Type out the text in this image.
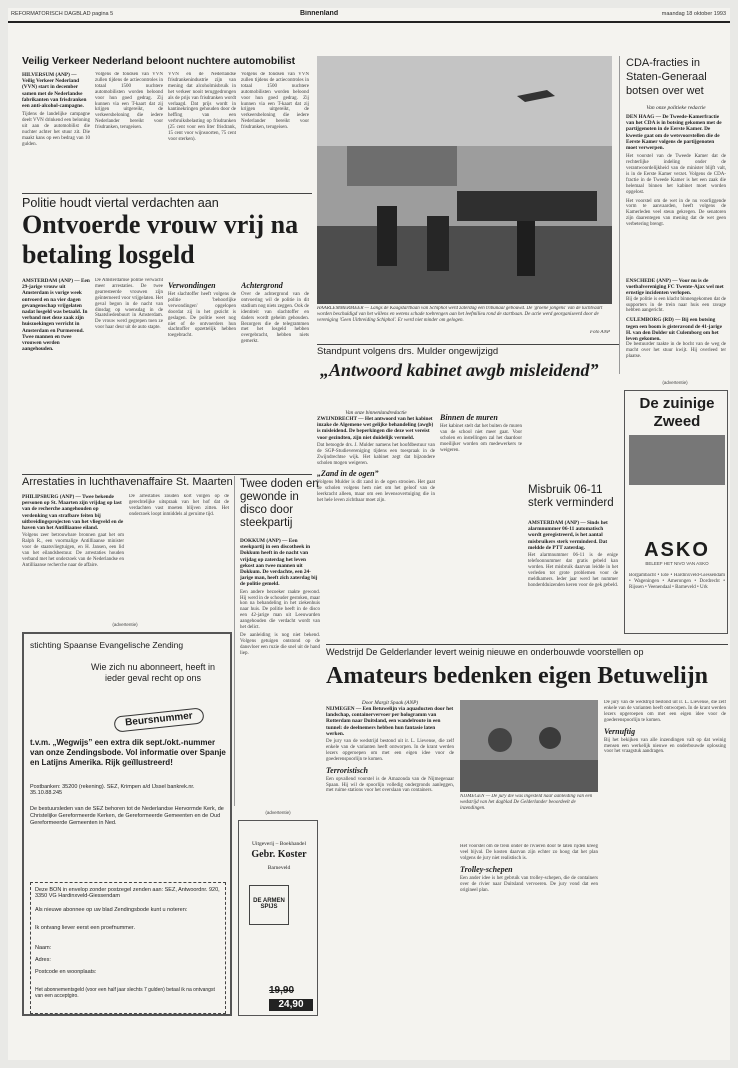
REFORMATORISCH DAGBLAD pagina 5	Binnenland	maandag 18 oktober 1993
Veilig Verkeer Nederland beloont nuchtere automobilist
HILVERSUM (ANP) — Veilig Verkeer Nederland (VVN) start in december samen met de Nederlandse fabrikanten van frisdranken een anti-alcohol-campagne.
Tijdens de landelijke campagne deelt VVN drinkend een beloning uit aan de automobilist die nuchter achter het stuur zit. Die maakt kans op een bedrag van 10 gulden.
Volgens de fondsen van VVN zullen tijdens de actiecontroles in totaal 1500 nuchtere automobilisten worden beloond voor hun goed gedrag. Zij kunnen via een T-kaart dat zij krijgen uitgereikt, de verkeersbeloning die iedere Nederlander bereikt voor frisdranken, terugeisen.
VVN en de Nederlandse frisdrankenindustrie zijn van mening dat alcoholmisbruik in het verkeer nooit teruggedrongen als de prijs van frisdranken wordt verlaagd. Dat prijs wordt in kantinekringen gehouden door de heffing van een verbruiksbelasting op frisdranken (25 cent voor een liter frisdrank, 15 cent voor wijnsoorten, 75 cent voor sterken).
Volgens de fondsen van VVN zullen tijdens de actiecontroles in totaal 1500 nuchtere automobilisten worden beloond voor hun goed gedrag. Zij kunnen via een T-kaart dat zij krijgen uitgereikt, de verkeersbeloning die iedere Nederlander bereikt voor frisdranken, terugeisen.
Politie houdt viertal verdachten aan
Ontvoerde vrouw vrij na betaling losgeld
AMSTERDAM (ANP) — Een 29-jarige vrouw uit Amsterdam is vorige week ontvoerd en na vier dagen gevangenschap vrijgelaten nadat losgeld was betaald. In verband met deze zaak zijn huiszoekingen verricht in Amsterdam en Purmerend. Twee mannen en twee vrouwen werden aangehouden.
De Amsterdamse politie verwacht meer arrestaties. De twee gearresteerde vrouwen zijn geïnterneerd voor vrijgelaten. Het geval begon in de nacht van dinsdag op woensdag in de Staatsliedenbuurt in Amsterdam. De vrouw werd gegrepen toen ze voor haar deur uit de auto stapte.
Verwondingen
Het slachtoffer heeft volgens de politie 'behoorlijke verwondingen' opgelopen doordat zij in het gezicht is geslagen. De politie weet nog niet of de ontvoerders hun slachtoffer opzettelijk hebben toegebracht.
Achtergrond
Over de achtergrond van de ontvoering wil de politie in dit stadium nog niets zeggen. Ook de identiteit van slachtoffer en daders wordt geheim gehouden. Bezorgers die de telegrammen met het losgeld hebben overgebracht, hebben niets gemerkt.
HAARLEMMERMEER — Langs de Kaagstartbaan van Schiphol werd zaterdag een tribunaal gebouwd. De 'groene jongens' van de luchtvaart worden beschuldigd van het willens en wetens schade toebrengen aan het leefmilieu rond de startbaan. De actie werd georganiseerd door de vereniging 'Geen Uitbreiding Schiphol'. Er werd niet minder om gelogen.
Foto ANP
CDA-fracties in Staten-Generaal botsen over wet
Van onze politieke redactie
DEN HAAG — De Tweede-Kamerfractie van het CDA is in botsing gekomen met de partijgenoten in de Eerste Kamer. De kwestie gaat om de wetsvoorstellen die de Eerste Kamer volgens de partijgenoten moet verwerpen.
Het voorstel van de Tweede Kamer dat de rechterlijke indeling onder de verantwoordelijkheid van de minister blijft valt, is in de Eerste Kamer verzet. Volgens de CDA-fractie in de Tweede Kamer is het een zaak die helemaal binnen het kabinet moet worden opgelost.
Het voorstel om de wet in de nu voorliggende vorm te aanvaarden, heeft volgens de Kamerleden veel steun gekregen. De senatoren zijn daarentegen van mening dat de wet geen verbetering brengt.
Standpunt volgens drs. Mulder ongewijzigd
„Antwoord kabinet awgb misleidend”
Van onze binnenlandredactie
ZWIJNDRECHT — Het antwoord van het kabinet inzake de Algemene wet gelijke behandeling (awgb) is misleidend. De beperkingen die deze wet vereist voor gezindten, zijn niet duidelijk vermeld.
Dat betoogde drs. J. Mulder namens het hoofdbestuur van de SGP-Studievereniging tijdens een toespraak in de Zwijndrechtse wijk. Het kabinet zegt dat bijzondere scholen mogen weigeren.
„Zand in de ogen”
Volgens Mulder is dit zand in de ogen strooien. Het gaat de scholen volgens hem niet om het geloof van de leerkracht alleen, maar om een levensovertuiging die in het hele leven zichtbaar moet zijn.
Binnen de muren
Het kabinet stelt dat het buiten de muren van de school niet meer gaat. Voor scholen en instellingen zal het daardoor moeilijker worden om medewerkers te weigeren.
ENSCHEDE (ANP) — Voor nu is de voetbalvereniging FC Twente-Ajax wel met ernstige incidenten verlopen.
Bij de politie is een klacht binnengekomen dat de supporters in de trein naar huis een ravage hebben aangericht.
CULEMBORG (RD) — Bij een botsing tegen een boom is gisteravond de 41-jarige H. van den Dolder uit Culemborg om het leven gekomen.
De bestuurder raakte in de bocht van de weg de macht over het stuur kwijt. Hij overleed ter plaatse.
Misbruik 06-11 sterk verminderd
AMSTERDAM (ANP) — Sinds het alarmnummer 06-11 automatisch wordt geregistreerd, is het aantal misbruikers sterk verminderd. Dat meldde de PTT zaterdag.
Het alarmnummer 06-11 is de enige telefoonnummer dat gratis gebeld kan worden. Het misbruik daarvan leidde in het verleden tot grote problemen voor de meldkamers. Ieder jaar werd het nummer honderdduizenden keren voor de gek gebeld.
(advertentie)
De zuinige Zweed
ASKO
BELEEF HET NIVO VAN ASKO
Borgambacht • Ede • Hardinxveld-Giessendam • Wageningen • Amerongen • Dordrecht • Rijssen • Veenendaal • Barneveld • Urk
Arrestaties in luchthavenaffaire St. Maarten
PHILIPSBURG (ANP) — Twee bekende personen op St. Maarten zijn vrijdag op last van de recherche aangehouden op verdenking van strafbare feiten bij uitbreidingsprojecten van het vliegveld en de haven van het Antilliaanse eiland.
Volgens zeer betrouwbare bronnen gaat het om Ralph R., een voormalige Antilliaanse minister voor de staatsvliegtuigen, en H. Jansen, een lid van het eilandsbestuur. De arrestaties houden verband met het onderzoek van de Nederlandse en Antilliaanse recherche naar de affaire.
De arrestaties zouden kort volgen op de gerechtelijke uitspraak van het hof dat de verdachten vast moeten blijven zitten. Het onderzoek loopt inmiddels al geruime tijd.
Twee doden en gewonde in disco door steekpartij
DOKKUM (ANP) — Een steekpartij in een discotheek in Dokkum heeft in de nacht van vrijdag op zaterdag het leven gekost aan twee mannen uit Dokkum. De verdachte, een 24-jarige man, heeft zich zaterdag bij de politie gemeld.
Een andere bezoeker raakte gewond. Hij werd in de schouder gestoken, maar kon na behandeling in het ziekenhuis naar huis. De politie heeft in de disco een 42-jarige man uit Leeuwarden aangehouden die verdacht wordt van het delict.
De aanleiding is nog niet bekend. Volgens getuigen ontstond op de dansvloer een ruzie die snel uit de hand liep.
(advertentie)
stichting Spaanse Evangelische Zending
Wie zich nu abonneert, heeft in ieder geval recht op ons
Beursnummer
t.v.m. „Wegwijs” een extra dik sept./okt.-nummer van onze Zendingsbode. Vol informatie over Spanje en Latijns Amerika. Rijk geïllustreerd!
Postbanken: 35200 (rekening). SEZ, Krimpen a/d IJssel bankrek.nr. 35.10.88.245
De bestuursleden van de SEZ behoren tot de Nederlandse Hervormde Kerk, de Christelijke Gereformeerde Kerken, de Gereformeerde Gemeenten en de Oud Gereformeerde Gemeenten in Ned.
Deze BON in envelop zonder postzegel zenden aan: SEZ, Antwoordnr. 920, 3350 VG Hardinxveld-Giessendam
Als nieuwe abonnee op uw blad Zendingsbode kunt u noteren:
Ik ontvang liever eerst een proefnummer.
Naam:
Adres:
Postcode en woonplaats:
Het abonnementsgeld (voor een half jaar slechts 7 gulden) betaal ik na ontvangst van een acceptgiro.
(advertentie)
Uitgeverij – Boekhandel
Gebr. Koster
Barneveld
DE ARMEN SPIJS
19,90
24,90
Wedstrijd De Gelderlander levert weinig nieuwe en onderbouwde voorstellen op
Amateurs bedenken eigen Betuwelijn
Door Margit Spaak (ANP)
NIJMEGEN — Een Betuwelijn via aquaducten door het landschap, containervervoer per hologramm van Rotterdam naar Duitsland, een wandelroute in een tunnel: de deelnemers hebben hun fantasie laten werken.
De jury van de wedstrijd bestond uit ir. L. Lievense, die zelf enkele van de varianten heeft ontworpen. In de krant werden lezers opgeroepen om met een eigen idee voor de goederenspoorlijn te komen.
Terroristisch
Een opvallend voorstel is de Amazonda van de Nijmegenaar Spaan. Hij wil de spoorlijn volledig ondergronds aanleggen, met ruime stations voor het overslaan van containers.
NIJMEGEN — De jury die was ingesteld naar aanleiding van een wedstrijd van het dagblad De Gelderlander beoordeelt de inzendingen.
Het voorstel om de trein onder de rivieren door te laten rijden kreeg veel bijval. De kosten daarvan zijn echter zo hoog dat het plan volgens de jury niet realistisch is.
Trolley-schepen
Een ander idee is het gebruik van trolley-schepen, die de containers over de rivier naar Duitsland vervoeren. De jury vond dat een origineel plan.
De jury van de wedstrijd bestond uit ir. L. Lievense, die zelf enkele van de varianten heeft ontworpen. In de krant werden lezers opgeroepen om met een eigen idee voor de goederenspoorlijn te komen.
Vernuftig
Bij het bekijken van alle inzendingen valt op dat weinig mensen een werkelijk nieuwe en onderbouwde oplossing voor het vraagstuk aandragen.
